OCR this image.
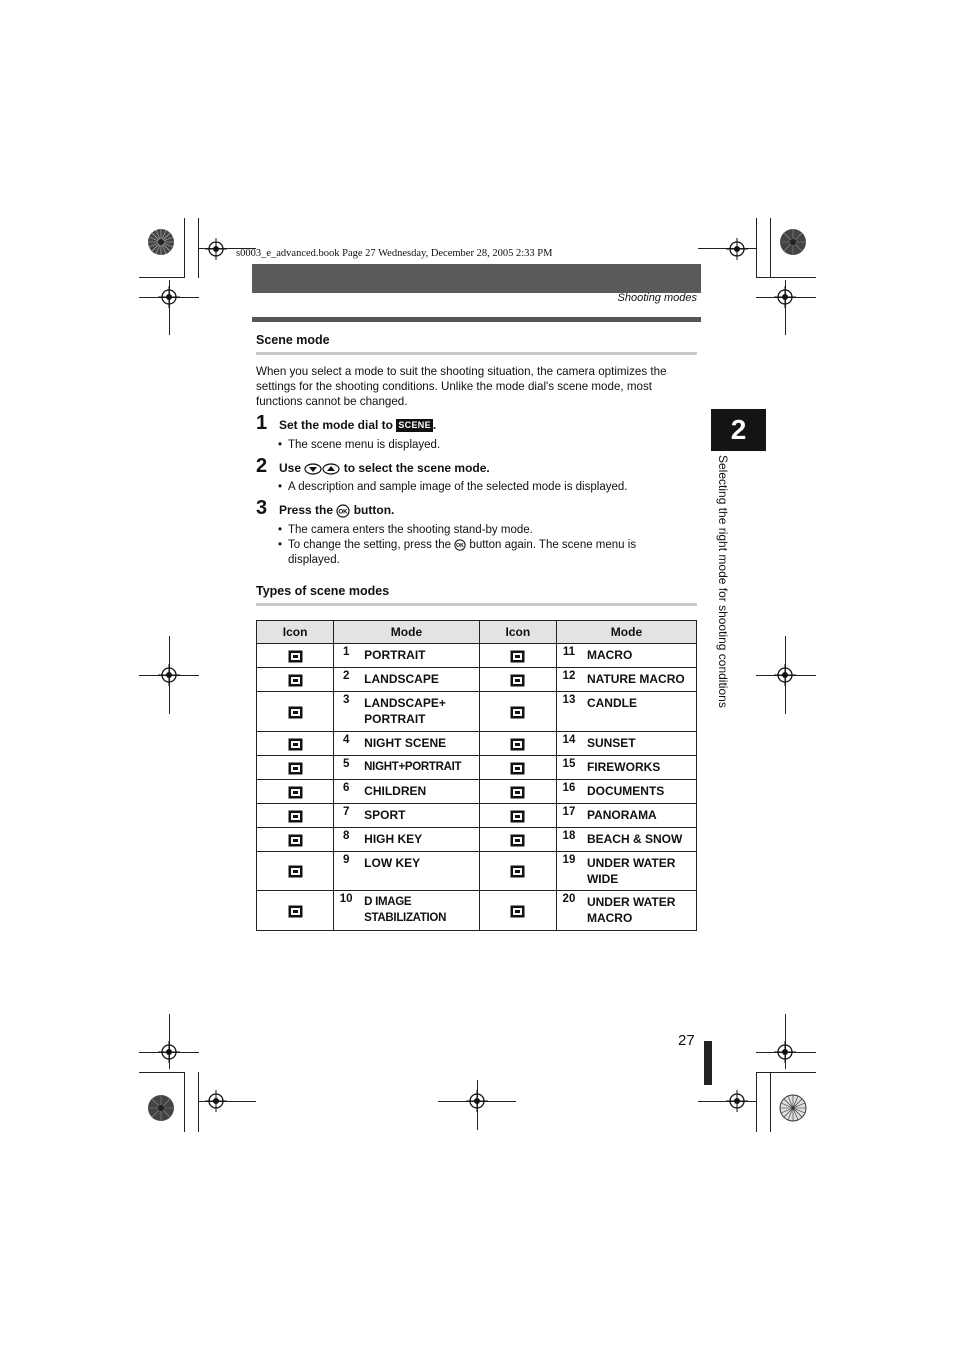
s0003_e_advanced.book Page 27 Wednesday, December 28, 2005 2:33 PM
Shooting modes
2
Selecting the right mode for shooting conditions
Scene mode
When you select a mode to suit the shooting situation, the camera optimizes the settings for the shooting conditions. Unlike the mode dial's scene mode, most functions cannot be changed.
1 Set the mode dial to SCENE .
• The scene menu is displayed.
2 Use	to select the scene mode.
• A description and sample image of the selected mode is displayed.
3 Press the OK button.
• The camera enters the shooting stand-by mode.
• To change the setting, press the OK button again. The scene menu is displayed.
Types of scene modes
Icon	Mode	Icon	Mode

1 PORTRAIT		11 MACRO

2 LANDSCAPE		12 NATURE MACRO

3 LANDSCAPE+ PORTRAIT		13 CANDLE

4 NIGHT SCENE		14 SUNSET

5 NIGHT+PORTRAIT		15 FIREWORKS

6 CHILDREN		16 DOCUMENTS

7 SPORT		17 PANORAMA

8 HIGH KEY		18 BEACH & SNOW

9 LOW KEY		19 UNDER WATER WIDE

10 D IMAGE STABILIZATION		20 UNDER WATER MACRO
27
